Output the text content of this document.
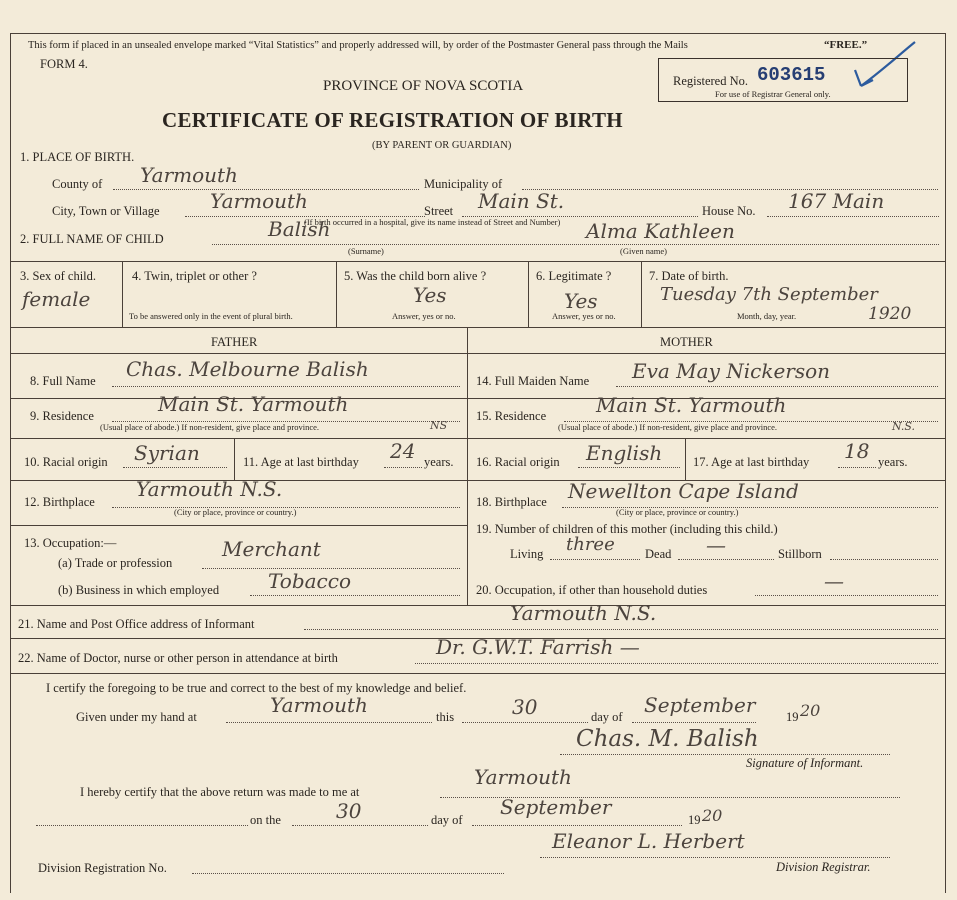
This form if placed in an unsealed envelope marked “Vital Statistics” and properly addressed will, by order of the Postmaster General pass through the Mails	“FREE.”
FORM 4.
PROVINCE OF NOVA SCOTIA
CERTIFICATE OF REGISTRATION OF BIRTH
(BY PARENT OR GUARDIAN)
Registered No. 603615
For use of Registrar General only.
1. PLACE OF BIRTH.
County of Yarmouth	Municipality of
City, Town or Village	Yarmouth	Street Main St.
(If birth occurred in a hospital, give its name instead of Street and Number)
House No. 167 Main
2. FULL NAME OF CHILD	Balish
(Surname)
Alma Kathleen
(Given name)
3. Sex of child.
female
4. Twin, triplet or other ?
To be answered only in the event of plural birth.
5. Was the child born alive ?
Yes
Answer, yes or no.
6. Legitimate ?
Yes
Answer, yes or no.
7. Date of birth.
Tuesday 7th September
Month, day, year.	1920
FATHER	MOTHER
8. Full Name Chas. Melbourne Balish
9. Residence	Main St. Yarmouth
NS
(Usual place of abode.) If non-resident, give place and province.
10. Racial origin Syrian	11. Age at last birthday 24 years.
12. Birthplace
Yarmouth N.S.
(City or place, province or country.)
13. Occupation:—
(a) Trade or profession
Merchant
(b) Business in which employed Tobacco
14. Full Maiden Name Eva May Nickerson
15. Residence Main St. Yarmouth
N.S.
(Usual place of abode.) If non-resident, give place and province.
16. Racial origin English 17. Age at last birthday 18 years.
18. Birthplace Newellton Cape Island
(City or place, province or country.)
19. Number of children of this mother (including this child.)
Living three Dead —	Stillborn
20. Occupation, if other than household duties	—
21. Name and Post Office address of Informant	Yarmouth N.S.
22. Name of Doctor, nurse or other person in attendance at birth	Dr. G.W.T. Farrish —
I certify the foregoing to be true and correct to the best of my knowledge and belief.
Given under my hand at	Yarmouth	this	30	day of September 19 20
Chas. M. Balish
Signature of Informant.
I hereby certify that the above return was made to me at
Yarmouth
on the	30	day of
September
19 20
Eleanor L. Herbert
Division Registration No.	Division Registrar.
